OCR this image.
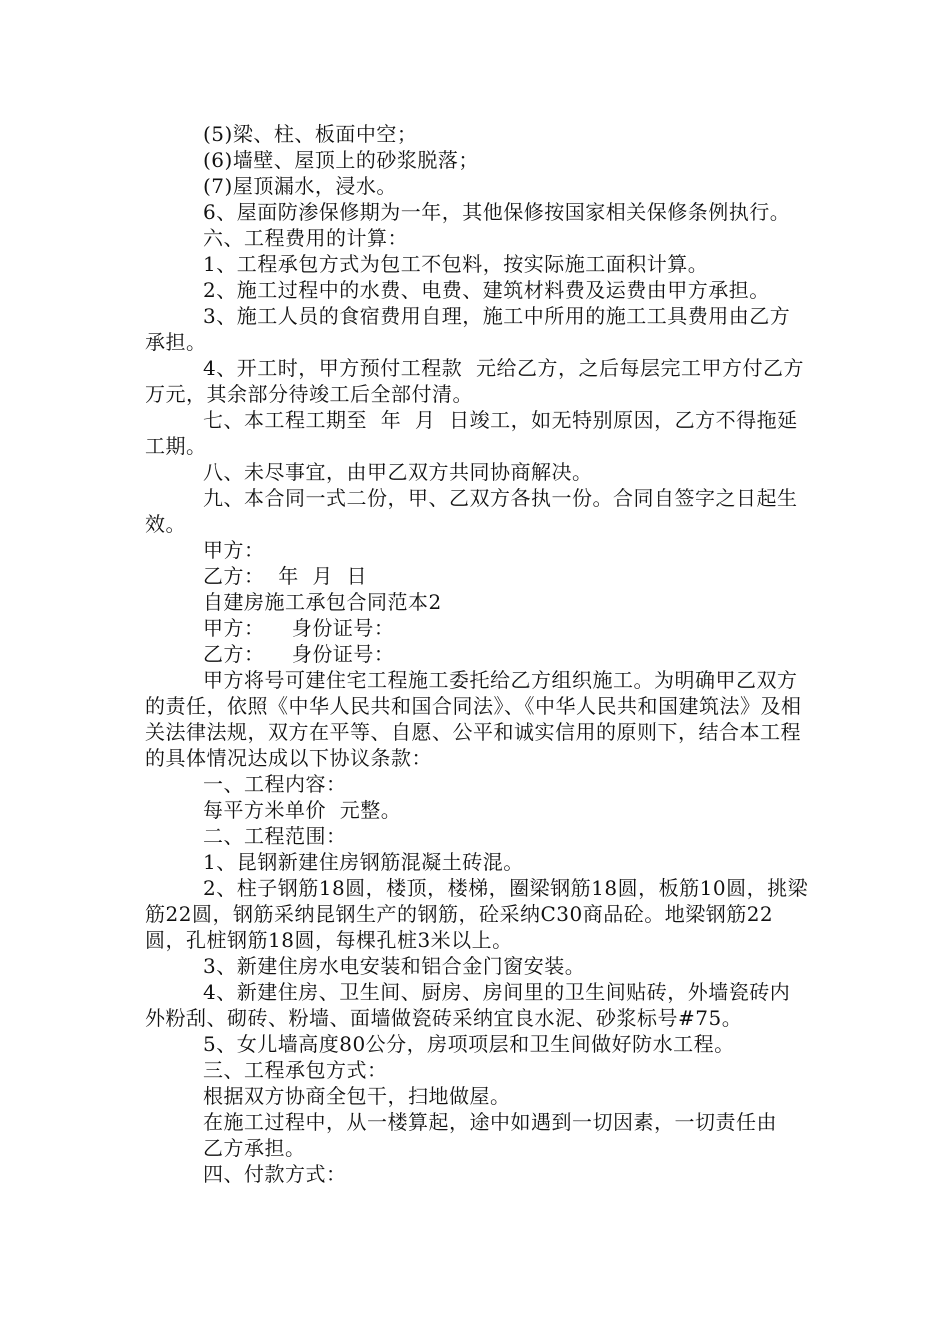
(5)梁、柱、板面中空；

(6)墙壁、屋顶上的砂浆脱落；

(7)屋顶漏水，浸水。

6、屋面防渗保修期为一年，其他保修按国家相关保修条例执行。

六、工程费用的计算：

1、工程承包方式为包工不包料，按实际施工面积计算。

2、施工过程中的水费、电费、建筑材料费及运费由甲方承担。

3、施工人员的食宿费用自理，施工中所用的施工工具费用由乙方承担。

4、开工时，甲方预付工程款  元给乙方，之后每层完工甲方付乙方  万元，其余部分待竣工后全部付清。

七、本工程工期至  年  月  日竣工，如无特别原因，乙方不得拖延工期。

八、未尽事宜，由甲乙双方共同协商解决。

九、本合同一式二份，甲、乙双方各执一份。合同自签字之日起生效。

甲方：

乙方：  年  月  日

自建房施工承包合同范本2

甲方：    身份证号：

乙方：    身份证号：

甲方将号可建住宅工程施工委托给乙方组织施工。为明确甲乙双方的责任，依照《中华人民共和国合同法》、《中华人民共和国建筑法》及相关法律法规，双方在平等、自愿、公平和诚实信用的原则下，结合本工程的具体情况达成以下协议条款：

一、工程内容：

每平方米单价  元整。

二、工程范围：

1、昆钢新建住房钢筋混凝土砖混。

2、柱子钢筋18圆，楼顶，楼梯，圈梁钢筋18圆，板筋10圆，挑梁筋22圆，钢筋采纳昆钢生产的钢筋，砼采纳C30商品砼。地梁钢筋22圆，孔桩钢筋18圆，每棵孔桩3米以上。

3、新建住房水电安装和铝合金门窗安装。

4、新建住房、卫生间、厨房、房间里的卫生间贴砖，外墙瓷砖内外粉刮、砌砖、粉墙、面墙做瓷砖采纳宜良水泥、砂浆标号#75。

5、女儿墙高度80公分，房项项层和卫生间做好防水工程。

三、工程承包方式：

根据双方协商全包干，扫地做屋。

在施工过程中，从一楼算起，途中如遇到一切因素，一切责任由

乙方承担。

四、付款方式：
